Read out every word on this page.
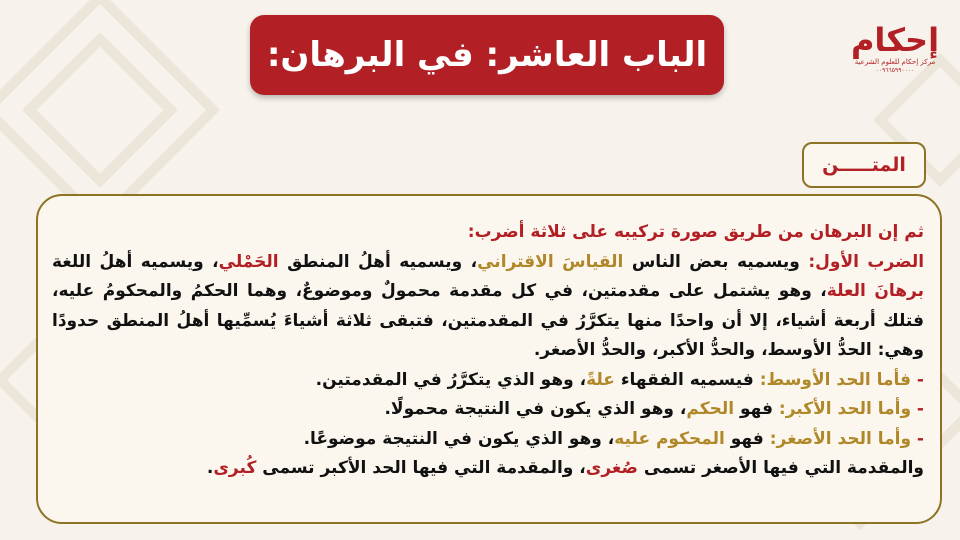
الباب العاشر: في البرهان:	إحكام
مركز إحكام للعلوم الشرعية
٠٠٩٦٦٥٩٩٠٠٠٠
المتـــــن

ثم إن البرهان من طريق صورة تركيبه على ثلاثة أضرب:
الضرب الأول: ويسميه بعض الناس القياسَ الاقتراني، ويسميه أهلُ المنطق الحَمْلي، ويسميه أهلُ اللغة برهانَ العلة، وهو يشتمل على مقدمتين، في كل مقدمة محمولٌ وموضوعٌ، وهما الحكمُ والمحكومُ عليه، فتلك أربعة أشياء، إلا أن واحدًا منها يتكرَّرُ في المقدمتين، فتبقى ثلاثة أشياءَ يُسمِّيها أهلُ المنطق حدودًا وهي: الحدُّ الأوسط، والحدُّ الأكبر، والحدُّ الأصغر.
- فأما الحد الأوسط: فيسميه الفقهاء علةً، وهو الذي يتكرَّرُ في المقدمتين.
- وأما الحد الأكبر: فهو الحكم، وهو الذي يكون في النتيجة محمولًا.
- وأما الحد الأصغر: فهو المحكوم عليه، وهو الذي يكون في النتيجة موضوعًا.
والمقدمة التي فيها الأصغر تسمى صُغرى، والمقدمة التي فيها الحد الأكبر تسمى كُبرى.
